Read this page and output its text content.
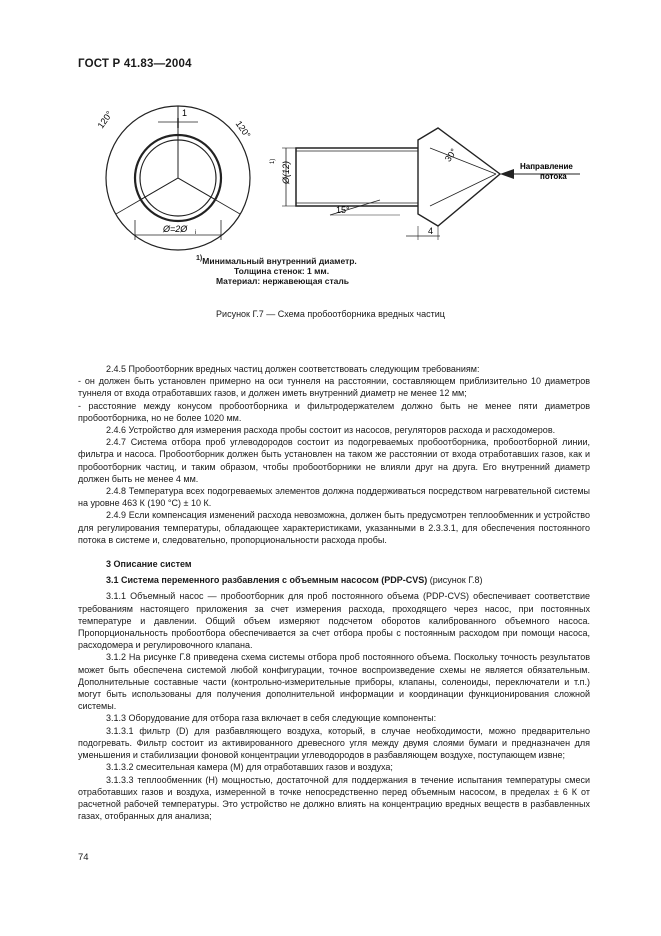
ГОСТ Р 41.83—2004
120°	120°
1
Ø=2Ø i
Ø(12)
1)	30°
15°
4
Направление
потока
$^{1)}$Минимальный внутренний диаметр.
Толщина стенок: 1 мм.
Материал: нержавеющая сталь
Рисунок Г.7 — Схема пробоотборника вредных частиц

2.4.5 Пробоотборник вредных частиц должен соответствовать следующим требованиям:

- он должен быть установлен примерно на оси туннеля на расстоянии, составляющем приблизительно 10 диаметров туннеля от входа отработавших газов, и должен иметь внутренний диаметр не менее 12 мм;

- расстояние между конусом пробоотборника и фильтродержателем должно быть не менее пяти диаметров пробоотборника, но не более 1020 мм.

2.4.6 Устройство для измерения расхода пробы состоит из насосов, регуляторов расхода и расходомеров.

2.4.7 Система отбора проб углеводородов состоит из подогреваемых пробоотборника, пробоотборной линии, фильтра и насоса. Пробоотборник должен быть установлен на таком же расстоянии от входа отработавших газов, как и пробоотборник частиц, и таким образом, чтобы пробоотборники не влияли друг на друга. Его внутренний диаметр должен быть не менее 4 мм.

2.4.8 Температура всех подогреваемых элементов должна поддерживаться посредством нагревательной системы на уровне 463 К (190 °С) ± 10 К.

2.4.9 Если компенсация изменений расхода невозможна, должен быть предусмотрен теплообменник и устройство для регулирования температуры, обладающее характеристиками, указанными в 2.3.3.1, для обеспечения постоянного потока в системе и, следовательно, пропорциональности расхода пробы.

3 Описание систем

3.1 Система переменного разбавления с объемным насосом (PDP-CVS) (рисунок Г.8)

3.1.1 Объемный насос — пробоотборник для проб постоянного объема (PDP-CVS) обеспечивает соответствие требованиям настоящего приложения за счет измерения расхода, проходящего через насос, при постоянных температуре и давлении. Общий объем измеряют подсчетом оборотов калиброванного объемного насоса. Пропорциональность пробоотбора обеспечивается за счет отбора пробы с постоянным расходом при помощи насоса, расходомера и регулировочного клапана.

3.1.2 На рисунке Г.8 приведена схема системы отбора проб постоянного объема. Поскольку точность результатов может быть обеспечена системой любой конфигурации, точное воспроизведение схемы не является обязательным. Дополнительные составные части (контрольно-измерительные приборы, клапаны, соленоиды, переключатели и т.п.) могут быть использованы для получения дополнительной информации и координации функционирования сложной системы.

3.1.3 Оборудование для отбора газа включает в себя следующие компоненты:

3.1.3.1 фильтр (D) для разбавляющего воздуха, который, в случае необходимости, можно предварительно подогревать. Фильтр состоит из активированного древесного угля между двумя слоями бумаги и предназначен для уменьшения и стабилизации фоновой концентрации углеводородов в разбавляющем воздухе, поступающем извне;

3.1.3.2 смесительная камера (М) для отработавших газов и воздуха;

3.1.3.3 теплообменник (Н) мощностью, достаточной для поддержания в течение испытания температуры смеси отработавших газов и воздуха, измеренной в точке непосредственно перед объемным насосом, в пределах ± 6 К от расчетной рабочей температуры. Это устройство не должно влиять на концентрацию вредных веществ в разбавленных газах, отобранных для анализа;

74
